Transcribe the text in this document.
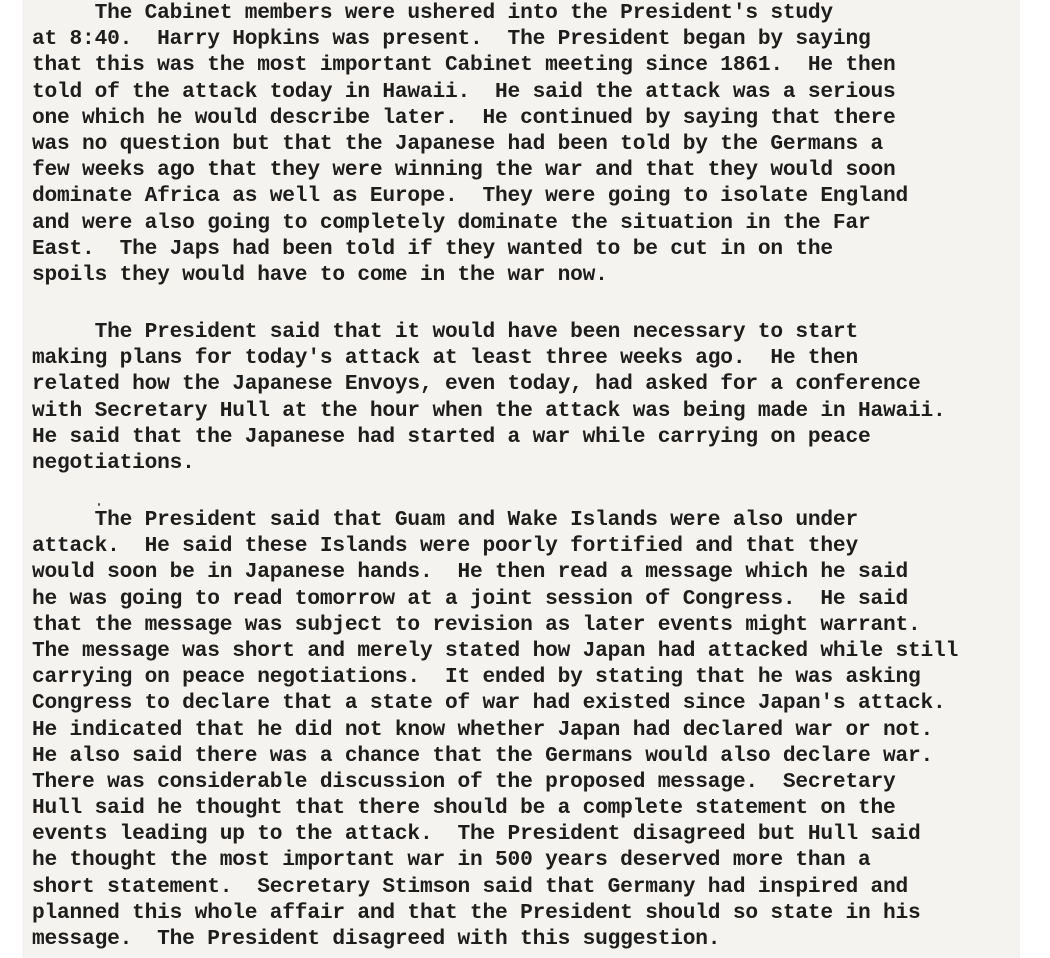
The Cabinet members were ushered into the President's study
at 8:40.  Harry Hopkins was present.  The President began by saying
that this was the most important Cabinet meeting since 1861.  He then
told of the attack today in Hawaii.  He said the attack was a serious
one which he would describe later.  He continued by saying that there
was no question but that the Japanese had been told by the Germans a
few weeks ago that they were winning the war and that they would soon
dominate Africa as well as Europe.  They were going to isolate England
and were also going to completely dominate the situation in the Far
East.  The Japs had been told if they wanted to be cut in on the
spoils they would have to come in the war now.
The President said that it would have been necessary to start
making plans for today's attack at least three weeks ago.  He then
related how the Japanese Envoys, even today, had asked for a conference
with Secretary Hull at the hour when the attack was being made in Hawaii.
He said that the Japanese had started a war while carrying on peace
negotiations.
The President said that Guam and Wake Islands were also under
attack.  He said these Islands were poorly fortified and that they
would soon be in Japanese hands.  He then read a message which he said
he was going to read tomorrow at a joint session of Congress.  He said
that the message was subject to revision as later events might warrant.
The message was short and merely stated how Japan had attacked while still
carrying on peace negotiations.  It ended by stating that he was asking
Congress to declare that a state of war had existed since Japan's attack.
He indicated that he did not know whether Japan had declared war or not.
He also said there was a chance that the Germans would also declare war.
There was considerable discussion of the proposed message.  Secretary
Hull said he thought that there should be a complete statement on the
events leading up to the attack.  The President disagreed but Hull said
he thought the most important war in 500 years deserved more than a
short statement.  Secretary Stimson said that Germany had inspired and
planned this whole affair and that the President should so state in his
message.  The President disagreed with this suggestion.
